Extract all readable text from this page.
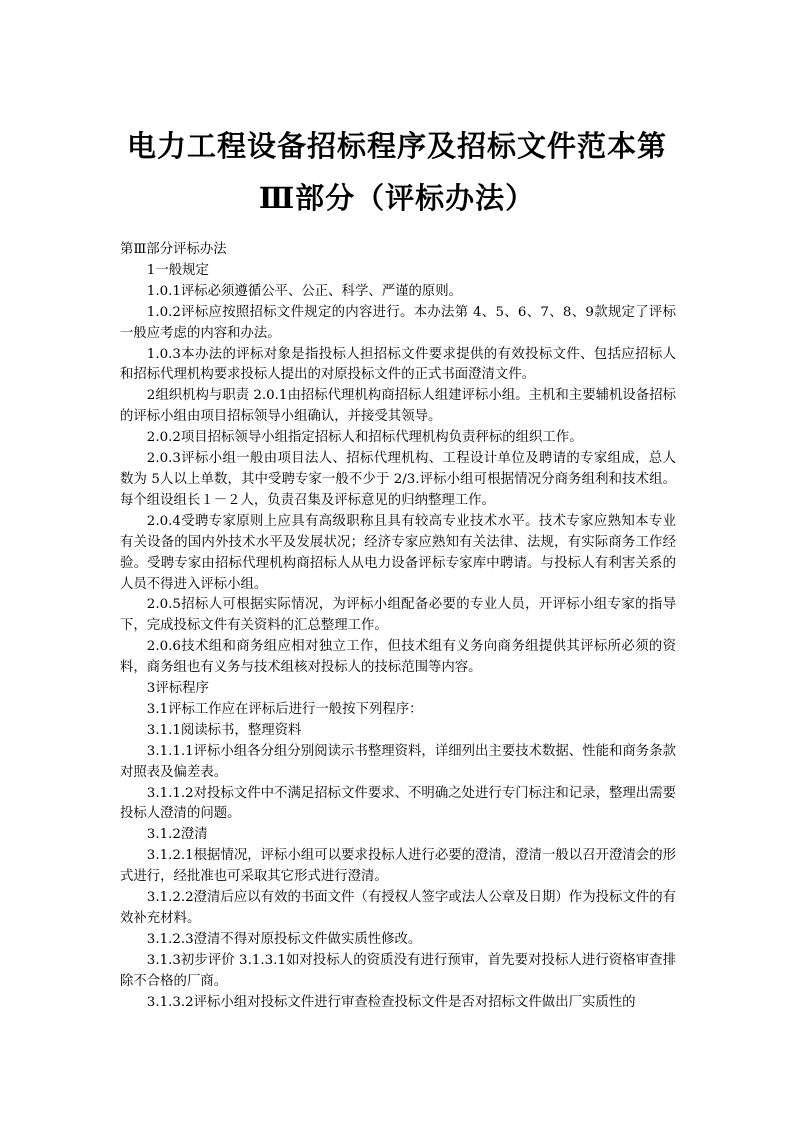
电力工程设备招标程序及招标文件范本第
Ⅲ部分（评标办法）

第Ⅲ部分评标办法

1一般规定

1.0.1评标必须遵循公平、公正、科学、严谨的原则。

1.0.2评标应按照招标文件规定的内容进行。本办法第 4、5、6、7、8、9款规定了评标一般应考虑的内容和办法。

1.0.3本办法的评标对象是指投标人担招标文件要求提供的有效投标文件、包括应招标人和招标代理机构要求投标人提出的对原投标文件的正式书面澄清文件。

2组织机构与职责 2.0.1由招标代理机构商招标人组建评标小组。主机和主要辅机设备招标的评标小组由项目招标领导小组确认，并接受其领导。

2.0.2项目招标领导小组指定招标人和招标代理机构负责秤标的组织工作。

2.0.3评标小组一般由项目法人、招标代理机构、工程设计单位及聘请的专家组成，总人数为 5人以上单数，其中受聘专家一般不少于 2/3.评标小组可根据情况分商务组利和技术组。每个组设组长１－２人，负责召集及评标意见的归纳整理工作。

2.0.4受聘专家原则上应具有高级职称且具有较高专业技术水平。技术专家应熟知本专业有关设备的国内外技术水平及发展状况；经济专家应熟知有关法律、法规，有实际商务工作经验。受聘专家由招标代理机构商招标人从电力设备评标专家库中聘请。与投标人有利害关系的人员不得进入评标小组。

2.0.5招标人可根据实际情况，为评标小组配备必要的专业人员，开评标小组专家的指导下，完成投标文件有关资料的汇总整理工作。

2.0.6技术组和商务组应相对独立工作，但技术组有义务向商务组提供其评标所必须的资料，商务组也有义务与技术组核对投标人的技标范围等内容。

3评标程序

3.1评标工作应在评标后进行一般按下列程序：

3.1.1阅读标书，整理资料

3.1.1.1评标小组各分组分别阅读示书整理资料，详细列出主要技术数据、性能和商务条款对照表及偏差表。

3.1.1.2对投标文件中不满足招标文件要求、不明确之处进行专门标注和记录，整理出需要投标人澄清的问题。

3.1.2澄清

3.1.2.1根据情况，评标小组可以要求投标人进行必要的澄清，澄清一般以召开澄清会的形式进行，经批准也可采取其它形式进行澄清。

3.1.2.2澄清后应以有效的书面文件（有授权人签字或法人公章及日期）作为投标文件的有效补充材料。

3.1.2.3澄清不得对原投标文件做实质性修改。

3.1.3初步评价 3.1.3.1如对投标人的资质没有进行预审，首先要对投标人进行资格审查排除不合格的厂商。

3.1.3.2评标小组对投标文件进行审查检查投标文件是否对招标文件做出厂实质性的
